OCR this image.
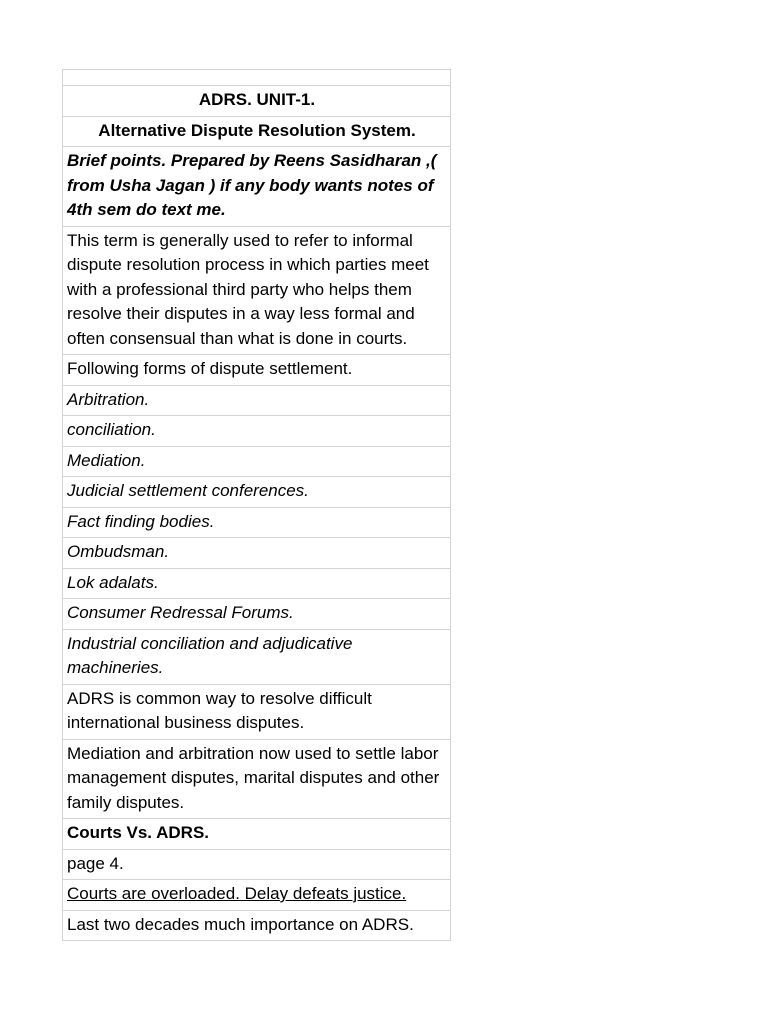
ADRS. UNIT-1.
Alternative Dispute Resolution System.
Brief points. Prepared by Reens Sasidharan ,( from Usha Jagan ) if any body wants notes of 4th sem do text me.
This term is generally used to refer to informal dispute resolution process in which parties meet with a professional third party who helps them resolve their disputes in a way less formal and often consensual than what is done in courts.
Following forms of dispute settlement.
Arbitration.
conciliation.
Mediation.
Judicial settlement conferences.
Fact finding bodies.
Ombudsman.
Lok adalats.
Consumer Redressal Forums.
Industrial conciliation and adjudicative machineries.
ADRS is common way to resolve difficult international business disputes.
Mediation and arbitration now used to settle labor management disputes, marital disputes and other family disputes.
Courts Vs. ADRS.
page 4.
Courts are overloaded. Delay defeats justice.
Last two decades much importance on ADRS.
